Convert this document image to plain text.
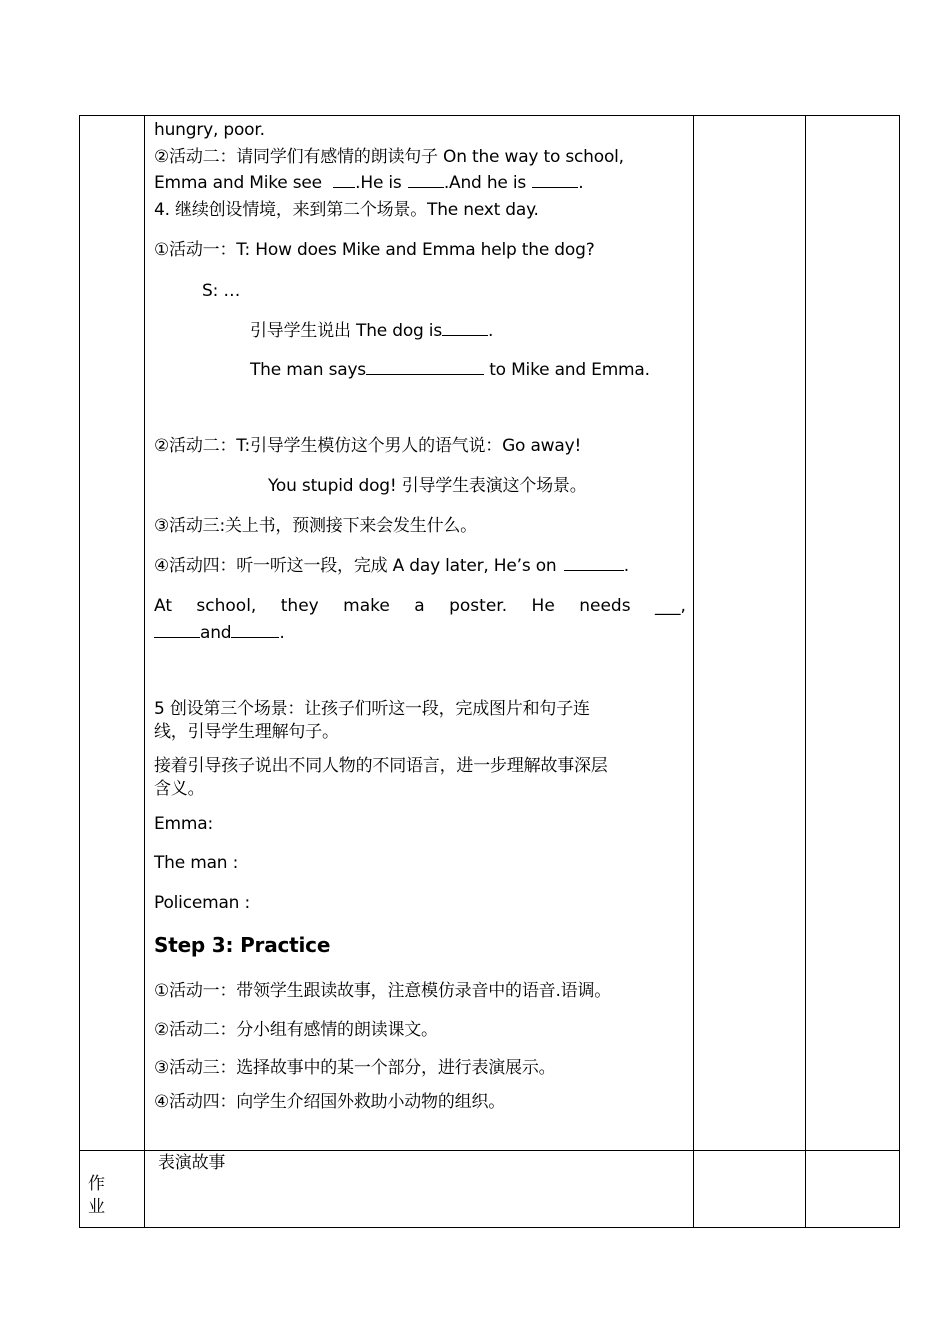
hungry, poor.
②活动二：请同学们有感情的朗读句子 On the way to school,
Emma and Mike see .He is .And he is	.
4. 继续创设情境，来到第二个场景。The next day.
①活动一：T: How does Mike and Emma help the dog?
S: …
引导学生说出 The dog is	.
The man says	to Mike and Emma.
②活动二：T:引导学生模仿这个男人的语气说：Go away!
You stupid dog! 引导学生表演这个场景。
③活动三:关上书，预测接下来会发生什么。
④活动四：听一听这一段，完成 A day later, He’s on	.
At school, they make a poster. He needs ___,
and	.
5 创设第三个场景：让孩子们听这一段，完成图片和句子连
线，引导学生理解句子。
接着引导孩子说出不同人物的不同语言，进一步理解故事深层
含义。
Emma:
The man :
Policeman :
Step 3: Practice
①活动一：带领学生跟读故事，注意模仿录音中的语音.语调。
②活动二：分小组有感情的朗读课文。
③活动三：选择故事中的某一个部分，进行表演展示。
④活动四：向学生介绍国外救助小动物的组织。
作
业
表演故事
